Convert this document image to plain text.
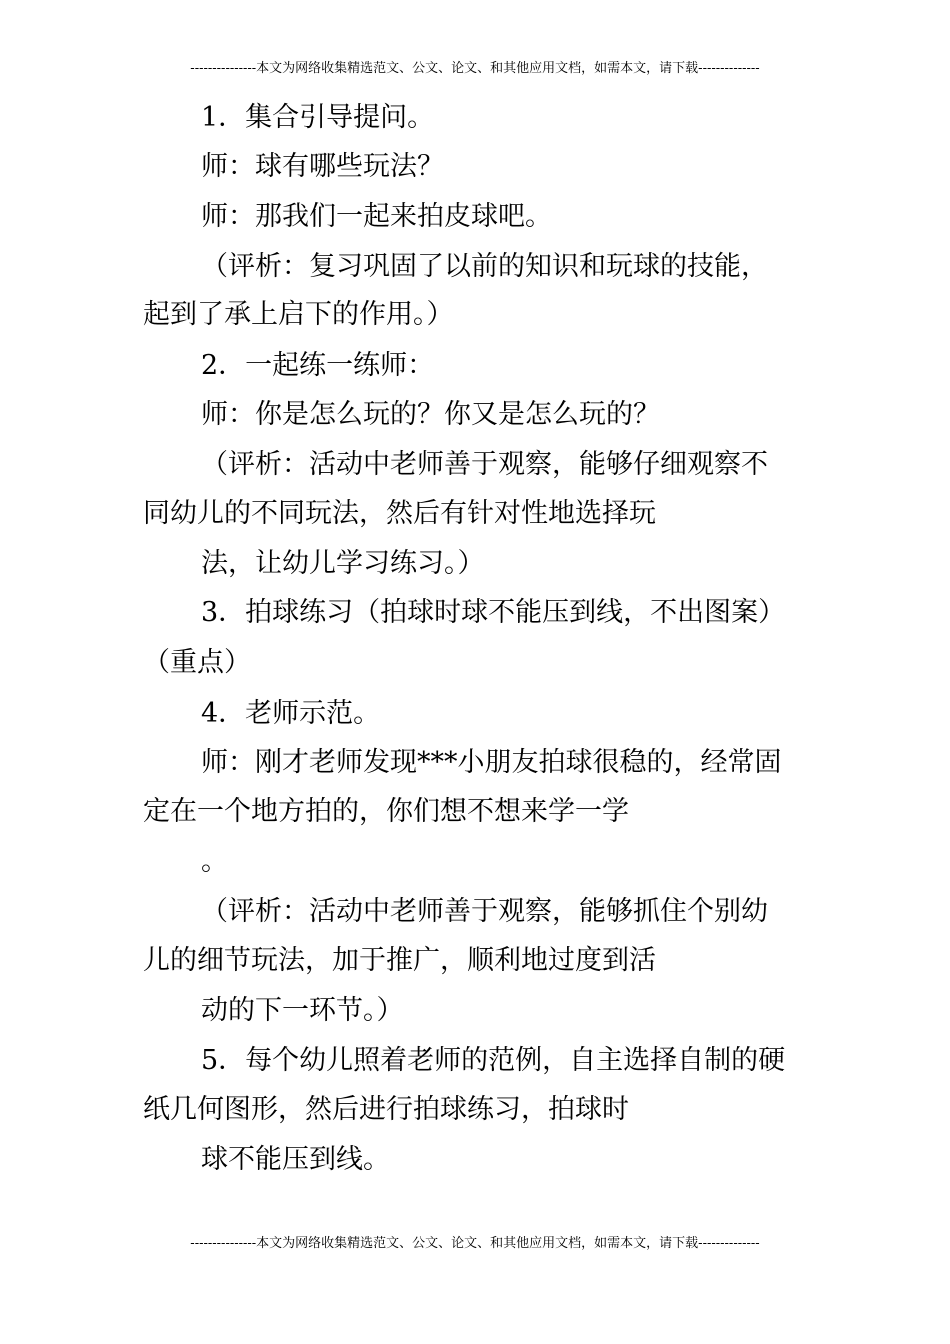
---------------本文为网络收集精选范文、公文、论文、和其他应用文档，如需本文，请下载--------------
1．集合引导提问。
师：球有哪些玩法？
师：那我们一起来拍皮球吧。
（评析：复习巩固了以前的知识和玩球的技能，
起到了承上启下的作用。）
2．一起练一练师：
师：你是怎么玩的？你又是怎么玩的？
（评析：活动中老师善于观察，能够仔细观察不
同幼儿的不同玩法，然后有针对性地选择玩
法，让幼儿学习练习。）
3．拍球练习（拍球时球不能压到线，不出图案）
（重点）
4．老师示范。
师：刚才老师发现***小朋友拍球很稳的，经常固
定在一个地方拍的，你们想不想来学一学
。
（评析：活动中老师善于观察，能够抓住个别幼
儿的细节玩法，加于推广，顺利地过度到活
动的下一环节。）
5．每个幼儿照着老师的范例，自主选择自制的硬
纸几何图形，然后进行拍球练习，拍球时
球不能压到线。
---------------本文为网络收集精选范文、公文、论文、和其他应用文档，如需本文，请下载--------------
